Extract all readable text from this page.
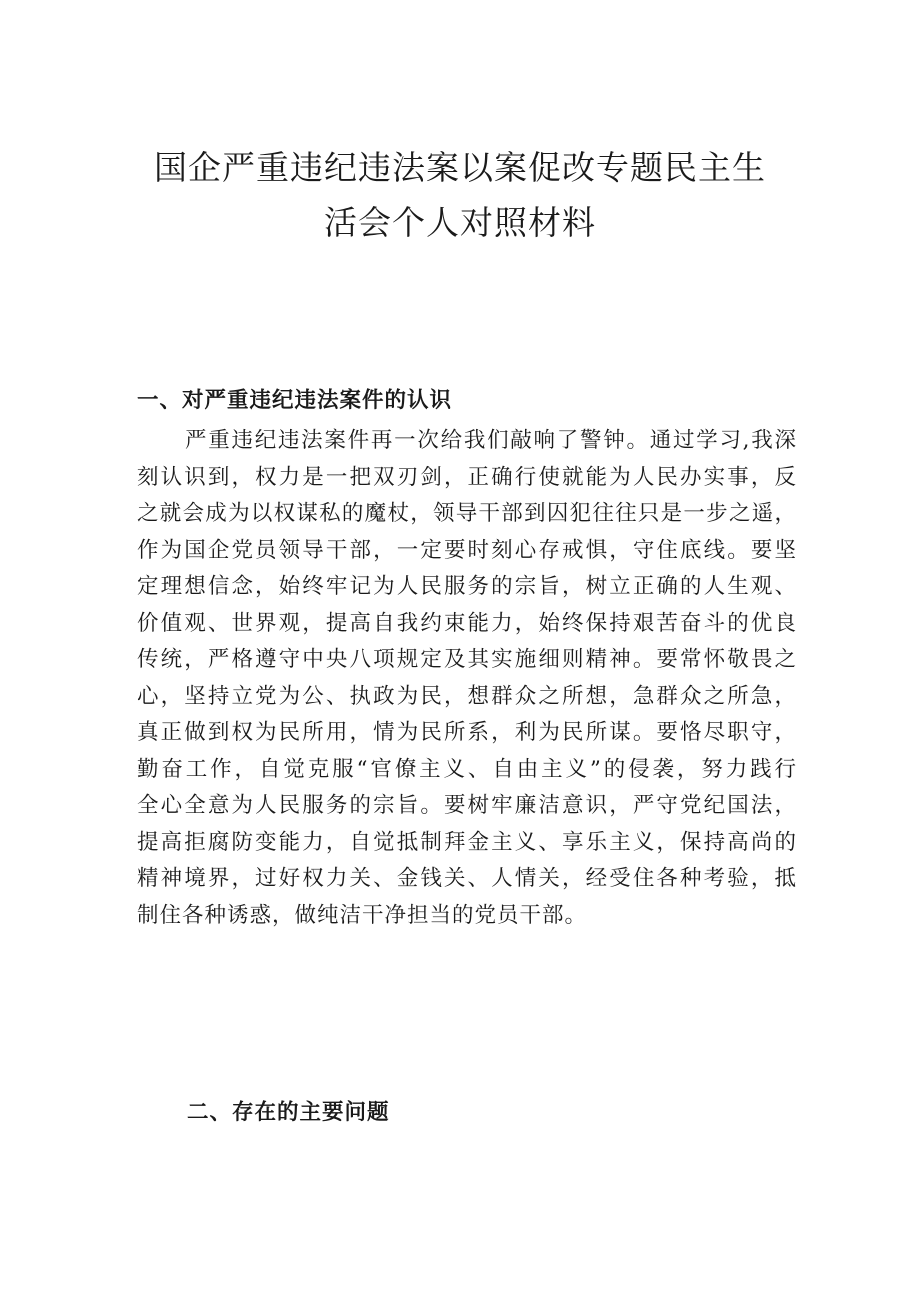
国企严重违纪违法案以案促改专题民主生
活会个人对照材料
一、对严重违纪违法案件的认识
严重违纪违法案件再一次给我们敲响了警钟。通过学习,我深
刻认识到，权力是一把双刃剑，正确行使就能为人民办实事，反
之就会成为以权谋私的魔杖，领导干部到囚犯往往只是一步之遥，
作为国企党员领导干部，一定要时刻心存戒惧，守住底线。要坚
定理想信念，始终牢记为人民服务的宗旨，树立正确的人生观、
价值观、世界观，提高自我约束能力，始终保持艰苦奋斗的优良
传统，严格遵守中央八项规定及其实施细则精神。要常怀敬畏之
心，坚持立党为公、执政为民，想群众之所想，急群众之所急，
真正做到权为民所用，情为民所系，利为民所谋。要恪尽职守，
勤奋工作，自觉克服“官僚主义、自由主义”的侵袭，努力践行
全心全意为人民服务的宗旨。要树牢廉洁意识，严守党纪国法，
提高拒腐防变能力，自觉抵制拜金主义、享乐主义，保持高尚的
精神境界，过好权力关、金钱关、人情关，经受住各种考验，抵
制住各种诱惑，做纯洁干净担当的党员干部。
二、存在的主要问题
